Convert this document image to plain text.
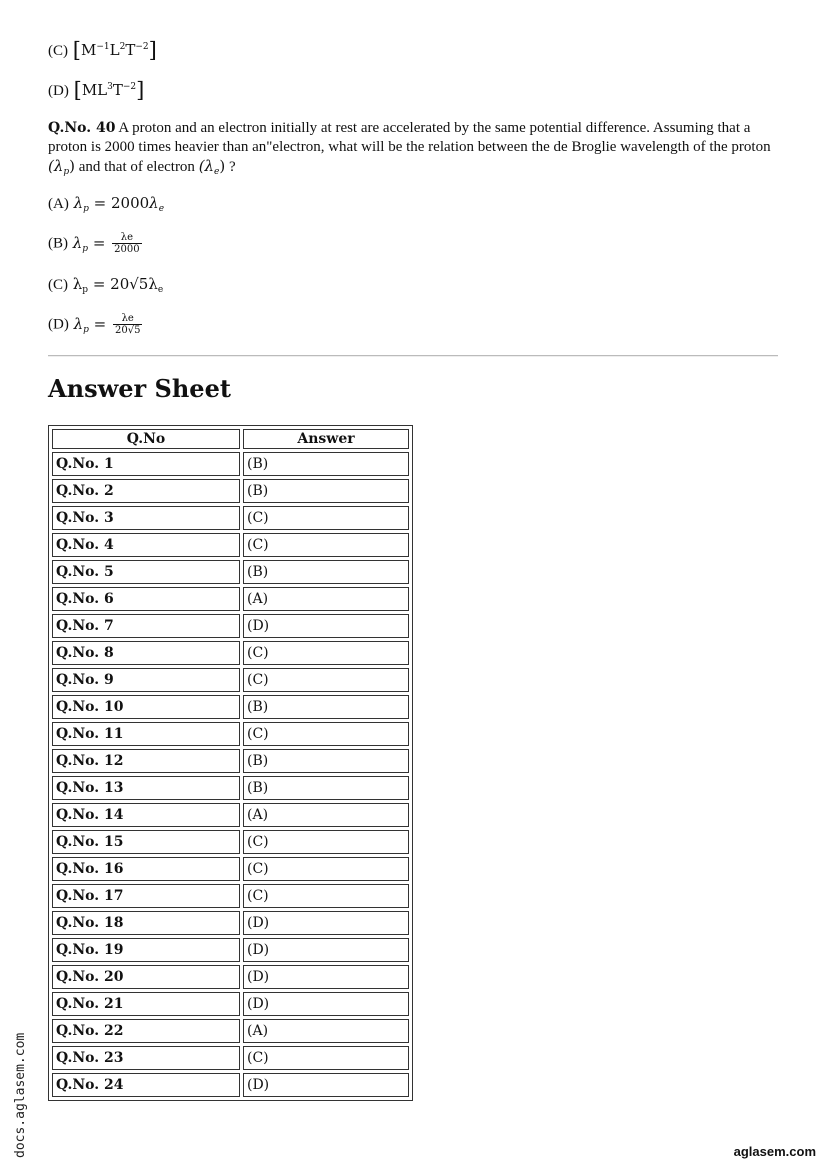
(C) $[M^{-1}L^2T^{-2}]$
(D) $[ML^3T^{-2}]$
Q.No. 40 A proton and an electron initially at rest are accelerated by the same potential difference. Assuming that a proton is 2000 times heavier than an"electron, what will be the relation between the de Broglie wavelength of the proton $(\lambda_p)$ and that of electron $(\lambda_e)$ ?
(A) $\lambda_p = 2000\lambda_e$
(B) $\lambda_p = \frac{\lambda e}{2000}$
(C) $\lambda_p = 20√5\lambda_e$
(D) $\lambda_p = \frac{\lambda e}{20√5}$
Answer Sheet
Q.No	Answer
Q.No. 1	(B)
Q.No. 2	(B)
Q.No. 3	(C)
Q.No. 4	(C)
Q.No. 5	(B)
Q.No. 6	(A)
Q.No. 7	(D)
Q.No. 8	(C)
Q.No. 9	(C)
Q.No. 10	(B)
Q.No. 11	(C)
Q.No. 12	(B)
Q.No. 13	(B)
Q.No. 14	(A)
Q.No. 15	(C)
Q.No. 16	(C)
Q.No. 17	(C)
Q.No. 18	(D)
Q.No. 19	(D)
Q.No. 20	(D)
Q.No. 21	(D)
Q.No. 22	(A)
Q.No. 23	(C)
Q.No. 24	(D)
docs.aglasem.com	aglasem.com
